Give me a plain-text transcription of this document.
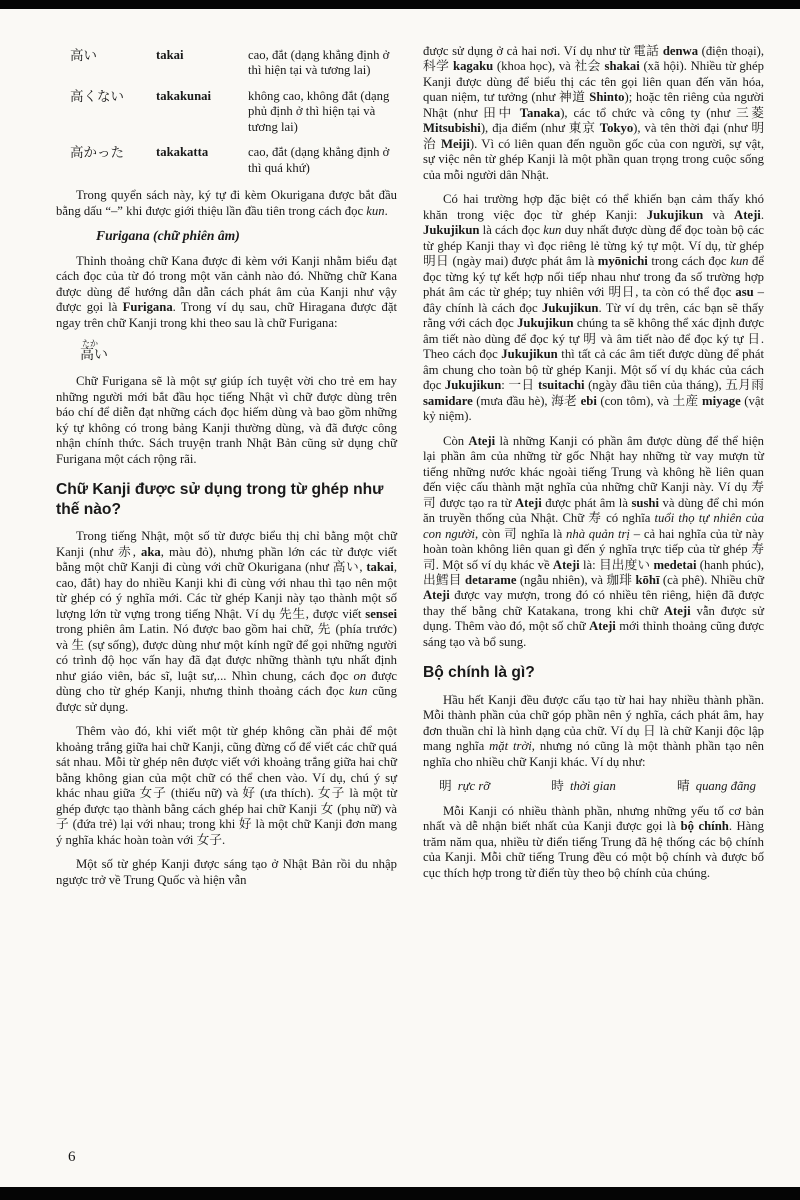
高い	takai	cao, đắt (dạng khẳng định ở thì hiện tại và tương lai)
高くない	takakunai	không cao, không đắt (dạng phủ định ở thì hiện tại và tương lai)
高かった	takakatta	cao, đắt (dạng khẳng định ở thì quá khứ)

Trong quyển sách này, ký tự đi kèm Okurigana được bắt đầu bằng dấu “–” khi được giới thiệu lần đầu tiên trong cách đọc kun.

Furigana (chữ phiên âm)

Thỉnh thoảng chữ Kana được đi kèm với Kanji nhằm biểu đạt cách đọc của từ đó trong một văn cảnh nào đó. Những chữ Kana được dùng để hướng dẫn dẫn cách phát âm của Kanji như vậy được gọi là Furigana. Trong ví dụ sau, chữ Hiragana được đặt ngay trên chữ Kanji trong khi theo sau là chữ Furigana:

たか
高い

Chữ Furigana sẽ là một sự giúp ích tuyệt vời cho trẻ em hay những người mới bắt đầu học tiếng Nhật vì chữ được dùng trên báo chí để diễn đạt những cách đọc hiếm dùng và bao gồm những ký tự không có trong bảng Kanji thường dùng, và đã được công nhận chính thức. Sách truyện tranh Nhật Bản cũng sử dụng chữ Furigana một cách rộng rãi.

Chữ Kanji được sử dụng trong từ ghép như thế nào?

Trong tiếng Nhật, một số từ được biểu thị chỉ bằng một chữ Kanji (như 赤, aka, màu đỏ), nhưng phần lớn các từ được viết bằng một chữ Kanji đi cùng với chữ Okurigana (như 高い, takai, cao, đắt) hay do nhiều Kanji khi đi cùng với nhau thì tạo nên một từ ghép có ý nghĩa mới. Các từ ghép Kanji này tạo thành một số lượng lớn từ vựng trong tiếng Nhật. Ví dụ 先生, được viết sensei trong phiên âm Latin. Nó được bao gồm hai chữ, 先 (phía trước) và 生 (sự sống), được dùng như một kính ngữ để gọi những người có trình độ học vấn hay đã đạt được những thành tựu nhất định như giáo viên, bác sĩ, luật sư,... Nhìn chung, cách đọc on được dùng cho từ ghép Kanji, nhưng thỉnh thoảng cách đọc kun cũng được sử dụng.

Thêm vào đó, khi viết một từ ghép không cần phải để một khoảng trắng giữa hai chữ Kanji, cũng đừng cố để viết các chữ quá sát nhau. Mỗi từ ghép nên được viết với khoảng trắng giữa hai chữ bằng không gian của một chữ có thể chen vào. Ví dụ, chú ý sự khác nhau giữa 女子 (thiếu nữ) và 好 (ưa thích). 女子 là một từ ghép được tạo thành bằng cách ghép hai chữ Kanji 女 (phụ nữ) và 子 (đứa trẻ) lại với nhau; trong khi 好 là một chữ Kanji đơn mang ý nghĩa khác hoàn toàn với 女子.

Một số từ ghép Kanji được sáng tạo ở Nhật Bản rồi du nhập ngược trở về Trung Quốc và hiện vẫn

được sử dụng ở cả hai nơi. Ví dụ như từ 電話 denwa (điện thoại), 科学 kagaku (khoa học), và 社会 shakai (xã hội). Nhiều từ ghép Kanji được dùng để biểu thị các tên gọi liên quan đến văn hóa, quan niệm, tư tưởng (như 神道 Shinto); hoặc tên riêng của người Nhật (như 田中 Tanaka), các tổ chức và công ty (như 三菱 Mitsubishi), địa điểm (như 東京 Tokyo), và tên thời đại (như 明治 Meiji). Vì có liên quan đến nguồn gốc của con người, sự vật, sự việc nên từ ghép Kanji là một phần quan trọng trong cuộc sống của mỗi người dân Nhật.

Có hai trường hợp đặc biệt có thể khiến bạn cảm thấy khó khăn trong việc đọc từ ghép Kanji: Jukujikun và Ateji. Jukujikun là cách đọc kun duy nhất được dùng để đọc toàn bộ các từ ghép Kanji thay vì đọc riêng lẻ từng ký tự một. Ví dụ, từ ghép 明日 (ngày mai) được phát âm là myōnichi trong cách đọc kun để đọc từng ký tự kết hợp nối tiếp nhau như trong đa số trường hợp phát âm các từ ghép; tuy nhiên với 明日, ta còn có thể đọc asu – đây chính là cách đọc Jukujikun. Từ ví dụ trên, các bạn sẽ thấy rằng với cách đọc Jukujikun chúng ta sẽ không thể xác định được âm tiết nào dùng để đọc ký tự 明 và âm tiết nào để đọc ký tự 日. Theo cách đọc Jukujikun thì tất cả các âm tiết được dùng để phát âm chung cho toàn bộ từ ghép Kanji. Một số ví dụ khác của cách đọc Jukujikun: 一日 tsuitachi (ngày đầu tiên của tháng), 五月雨 samidare (mưa đầu hè), 海老 ebi (con tôm), và 土産 miyage (vật kỷ niệm).

Còn Ateji là những Kanji có phần âm được dùng để thể hiện lại phần âm của những từ gốc Nhật hay những từ vay mượn từ tiếng những nước khác ngoài tiếng Trung và không hề liên quan đến việc cấu thành mặt nghĩa của những chữ Kanji này. Ví dụ 寿司 được tạo ra từ Ateji được phát âm là sushi và dùng để chỉ món ăn truyền thống của Nhật. Chữ 寿 có nghĩa tuổi thọ tự nhiên của con người, còn 司 nghĩa là nhà quản trị – cả hai nghĩa của từ này hoàn toàn không liên quan gì đến ý nghĩa trực tiếp của từ ghép 寿司. Một số ví dụ khác về Ateji là: 目出度い medetai (hanh phúc), 出鱈目 detarame (ngẫu nhiên), và 珈琲 kōhī (cà phê). Nhiều chữ Ateji được vay mượn, trong đó có nhiều tên riêng, hiện đã được thay thế bằng chữ Katakana, trong khi chữ Ateji vẫn được sử dụng. Thêm vào đó, một số chữ Ateji mới thỉnh thoảng cũng được sáng tạo và bổ sung.

Bộ chính là gì?

Hầu hết Kanji đều được cấu tạo từ hai hay nhiều thành phần. Mỗi thành phần của chữ góp phần nên ý nghĩa, cách phát âm, hay đơn thuần chỉ là hình dạng của chữ. Ví dụ 日 là chữ Kanji độc lập mang nghĩa mặt trời, nhưng nó cũng là một thành phần tạo nên nghĩa cho nhiều chữ Kanji khác. Ví dụ như:

明 rực rỡ	時 thời gian	晴 quang đãng

Mỗi Kanji có nhiều thành phần, nhưng những yếu tố cơ bản nhất và dễ nhận biết nhất của Kanji được gọi là bộ chính. Hàng trăm năm qua, nhiều từ điển tiếng Trung đã hệ thống các bộ chính của Kanji. Mỗi chữ tiếng Trung đều có một bộ chính và được bố cục thích hợp trong từ điển tùy theo bộ chính của chúng.

6
